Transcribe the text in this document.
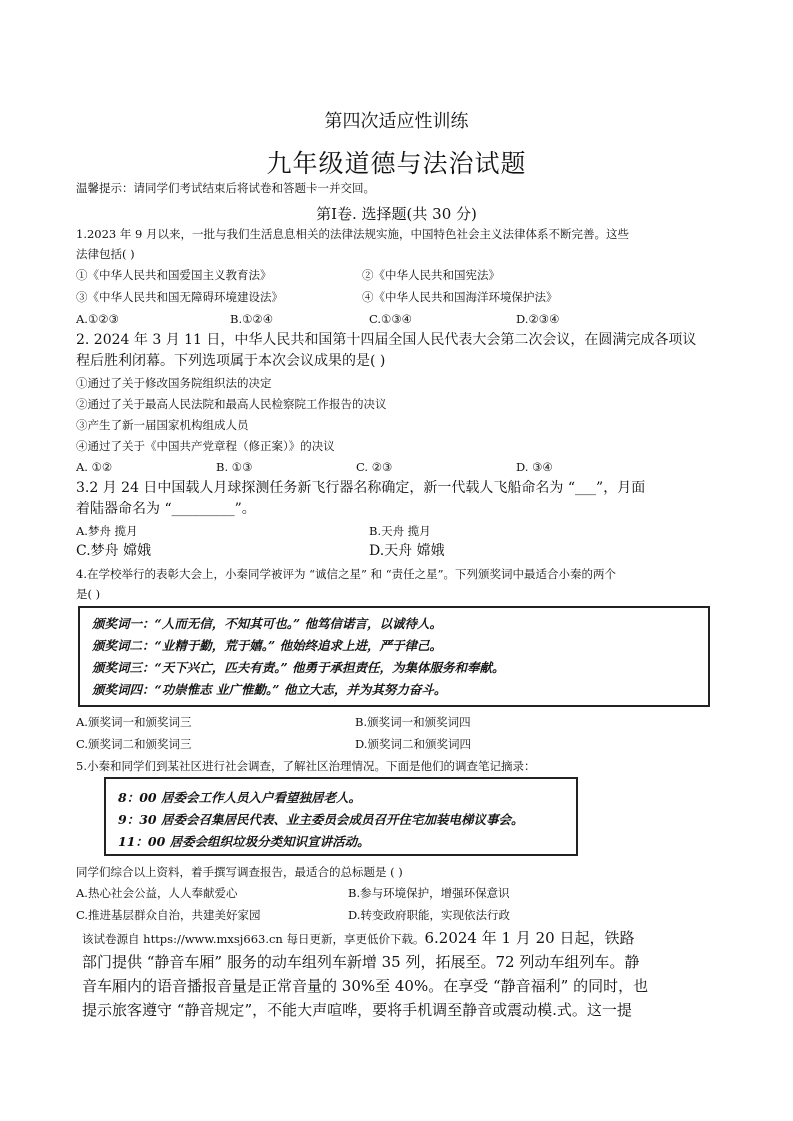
第四次适应性训练
九年级道德与法治试题
温馨提示：请同学们考试结束后将试卷和答题卡一并交回。
第Ⅰ卷. 选择题(共 30 分)
1.2023 年 9 月以来，一批与我们生活息息相关的法律法规实施，中国特色社会主义法律体系不断完善。这些
法律包括( )
①《中华人民共和国爱国主义教育法》	②《中华人民共和国宪法》
③《中华人民共和国无障碍环境建设法》	④《中华人民共和国海洋环境保护法》
A.①②③	B.①②④	C.①③④	D.②③④
2. 2024 年 3 月 11 日，中华人民共和国第十四届全国人民代表大会第二次会议，在圆满完成各项议
程后胜利闭幕。下列选项属于本次会议成果的是( )
①通过了关于修改国务院组织法的决定
②通过了关于最高人民法院和最高人民检察院工作报告的决议
③产生了新一届国家机构组成人员
④通过了关于《中国共产党章程（修正案）》的决议
A. ①②	B. ①③	C. ②③	D. ③④
3.2 月 24 日中国载人月球探测任务新飞行器名称确定，新一代载人飞船命名为 “___”，月面
着陆器命名为 “_________”。
A.梦舟 揽月	B.天舟 揽月
C.梦舟 嫦娥	D.天舟 嫦娥
4.在学校举行的表彰大会上，小秦同学被评为 “诚信之星” 和 “责任之星”。下列颁奖词中最适合小秦的两个
是( )
颁奖词一：“人而无信，不知其可也。” 他笃信诺言，以诚待人。
颁奖词二：“业精于勤，荒于嬉。” 他始终追求上进，严于律己。
颁奖词三：“天下兴亡，匹夫有责。” 他勇于承担责任，为集体服务和奉献。
颁奖词四：“功崇惟志 业广惟勤。” 他立大志，并为其努力奋斗。
A.颁奖词一和颁奖词三	B.颁奖词一和颁奖词四
C.颁奖词二和颁奖词三	D.颁奖词二和颁奖词四
5.小秦和同学们到某社区进行社会调查，了解社区治理情况。下面是他们的调查笔记摘录：
8：00 居委会工作人员入户看望独居老人。
9：30 居委会召集居民代表、业主委员会成员召开住宅加装电梯议事会。
11：00 居委会组织垃圾分类知识宣讲活动。
同学们综合以上资料，着手撰写调查报告，最适合的总标题是 ( )
A.热心社会公益，人人奉献爱心	B.参与环境保护，增强环保意识
C.推进基层群众自治，共建美好家园	D.转变政府职能，实现依法行政
该试卷源自 https://www.mxsj663.cn 每日更新，享更低价下载。6.2024 年 1 月 20 日起，铁路
部门提供 “静音车厢” 服务的动车组列车新增 35 列，拓展至。72 列动车组列车。静
音车厢内的语音播报音量是正常音量的 30%至 40%。在享受 “静音福利” 的同时，也
提示旅客遵守 “静音规定”，不能大声喧哗，要将手机调至静音或震动模.式。这一提
